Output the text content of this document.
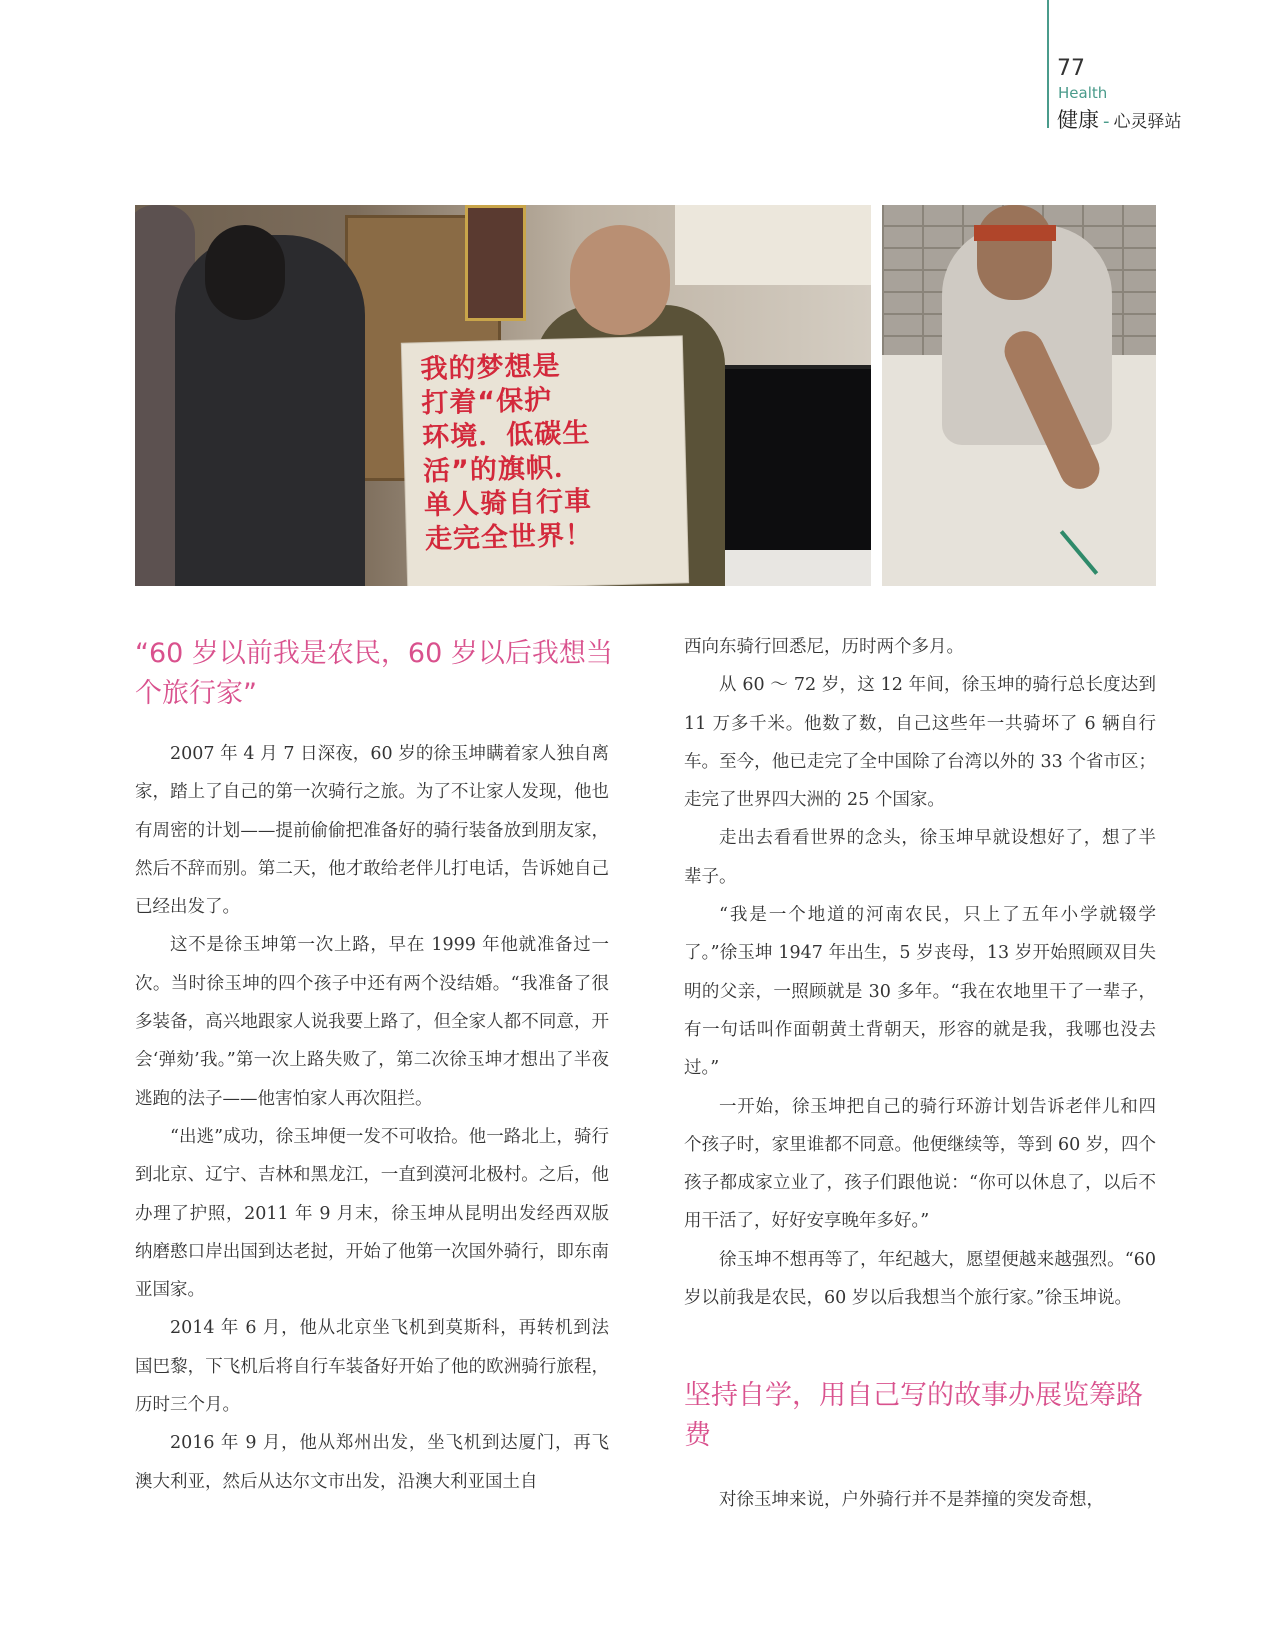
77
Health
健康 - 心灵驿站
我的梦想是
打着“保护
环境．低碳生
活”的旗帜．
单人骑自行車
走完全世界！
“60 岁以前我是农民，60 岁以后我想当个旅行家”

2007 年 4 月 7 日深夜，60 岁的徐玉坤瞒着家人独自离家，踏上了自己的第一次骑行之旅。为了不让家人发现，他也有周密的计划——提前偷偷把准备好的骑行装备放到朋友家，然后不辞而别。第二天，他才敢给老伴儿打电话，告诉她自己已经出发了。

这不是徐玉坤第一次上路，早在 1999 年他就准备过一次。当时徐玉坤的四个孩子中还有两个没结婚。“我准备了很多装备，高兴地跟家人说我要上路了，但全家人都不同意，开会‘弹劾’我。”第一次上路失败了，第二次徐玉坤才想出了半夜逃跑的法子——他害怕家人再次阻拦。

“出逃”成功，徐玉坤便一发不可收拾。他一路北上，骑行到北京、辽宁、吉林和黑龙江，一直到漠河北极村。之后，他办理了护照，2011 年 9 月末，徐玉坤从昆明出发经西双版纳磨憨口岸出国到达老挝，开始了他第一次国外骑行，即东南亚国家。

2014 年 6 月，他从北京坐飞机到莫斯科，再转机到法国巴黎，下飞机后将自行车装备好开始了他的欧洲骑行旅程，历时三个月。

2016 年 9 月，他从郑州出发，坐飞机到达厦门，再飞澳大利亚，然后从达尔文市出发，沿澳大利亚国土自

西向东骑行回悉尼，历时两个多月。

从 60 ～ 72 岁，这 12 年间，徐玉坤的骑行总长度达到 11 万多千米。他数了数，自己这些年一共骑坏了 6 辆自行车。至今，他已走完了全中国除了台湾以外的 33 个省市区；走完了世界四大洲的 25 个国家。

走出去看看世界的念头，徐玉坤早就设想好了，想了半辈子。

“我是一个地道的河南农民，只上了五年小学就辍学了。”徐玉坤 1947 年出生，5 岁丧母，13 岁开始照顾双目失明的父亲，一照顾就是 30 多年。“我在农地里干了一辈子，有一句话叫作面朝黄土背朝天，形容的就是我，我哪也没去过。”

一开始，徐玉坤把自己的骑行环游计划告诉老伴儿和四个孩子时，家里谁都不同意。他便继续等，等到 60 岁，四个孩子都成家立业了，孩子们跟他说：“你可以休息了，以后不用干活了，好好安享晚年多好。”

徐玉坤不想再等了，年纪越大，愿望便越来越强烈。“60 岁以前我是农民，60 岁以后我想当个旅行家。”徐玉坤说。

坚持自学，用自己写的故事办展览筹路费

对徐玉坤来说，户外骑行并不是莽撞的突发奇想，
